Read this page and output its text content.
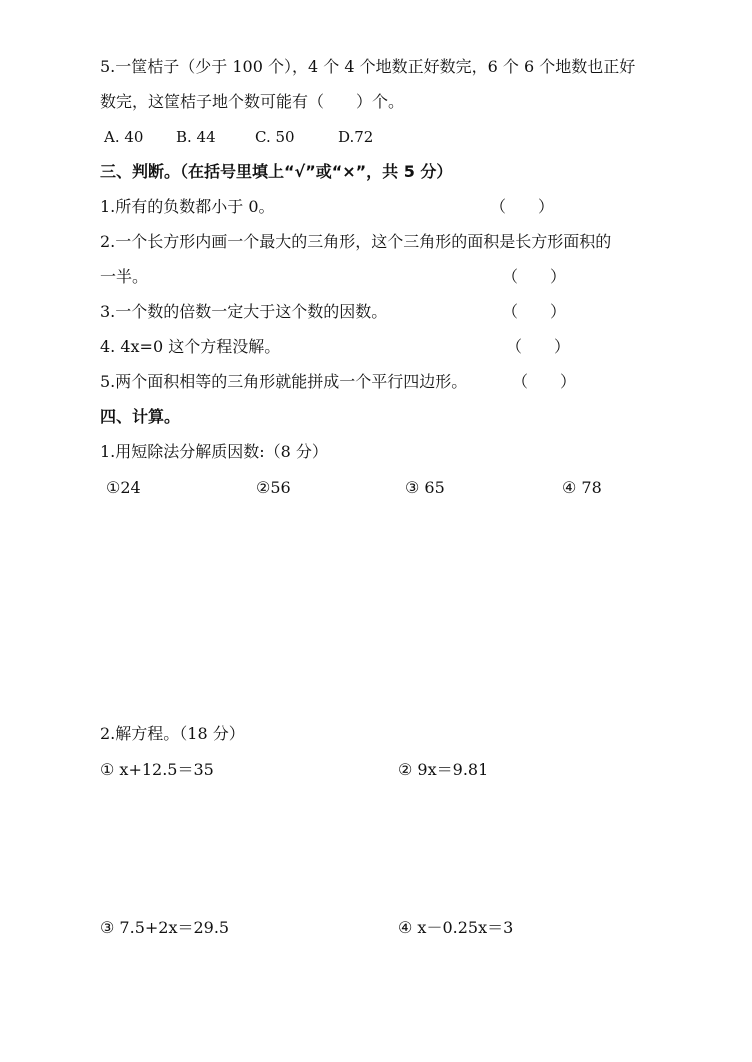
5.一筐桔子（少于 100 个），4 个 4 个地数正好数完，6 个 6 个地数也正好
数完，这筐桔子地个数可能有（　　）个。
A. 40 B. 44	C. 50	D.72
三、判断。（在括号里填上“√”或“×”，共 5 分）
1.所有的负数都小于 0。	（　　）
2.一个长方形内画一个最大的三角形，这个三角形的面积是长方形面积的
一半。	（　　）
3.一个数的倍数一定大于这个数的因数。	（　　）
4. 4x=0 这个方程没解。	（　　）
5.两个面积相等的三角形就能拼成一个平行四边形。	（　　）
四、计算。
1.用短除法分解质因数:（8 分）
①24	②56	③ 65	④ 78
2.解方程。（18 分）
① x+12.5＝35	② 9x＝9.81
③ 7.5+2x＝29.5	④ x－0.25x＝3
